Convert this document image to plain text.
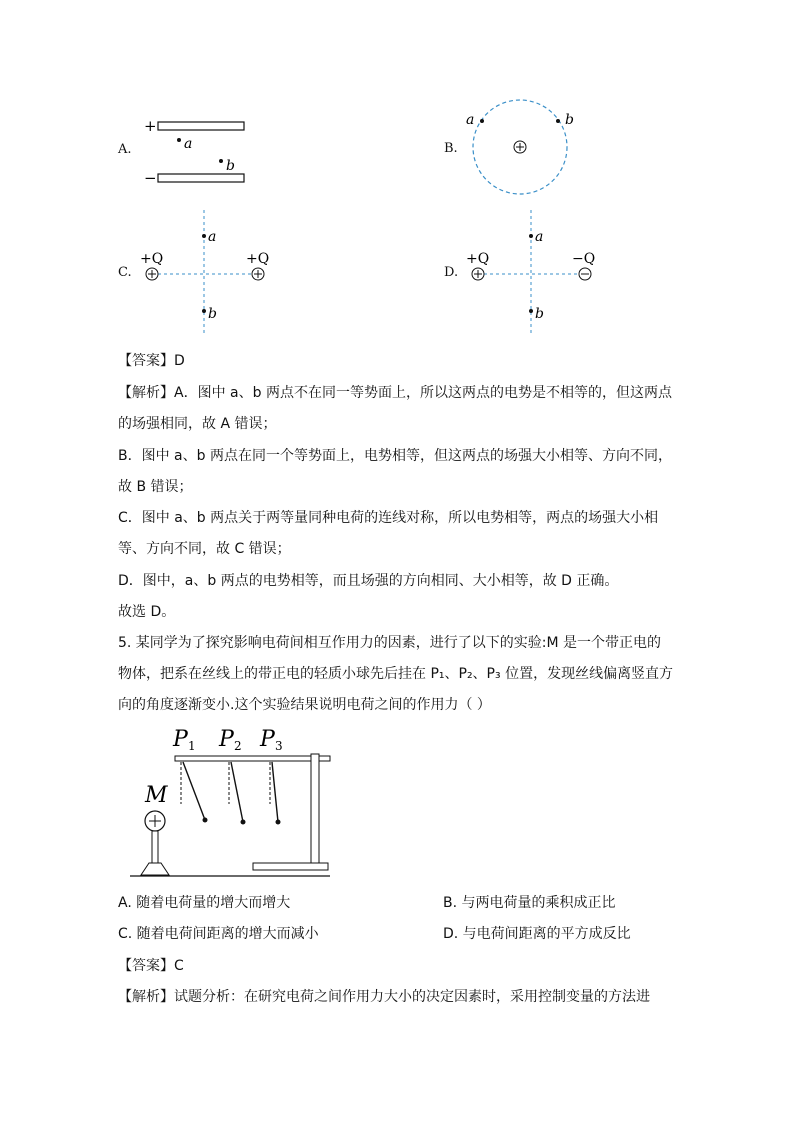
A.
+
−
a
b
B.
a	b
C.
+Q	+Q
a
b
D.
+Q	−Q
a
b
【答案】D
【解析】A．图中 a、b 两点不在同一等势面上，所以这两点的电势是不相等的，但这两点
的场强相同，故 A 错误；
B．图中 a、b 两点在同一个等势面上，电势相等，但这两点的场强大小相等、方向不同，
故 B 错误；
C．图中 a、b 两点关于两等量同种电荷的连线对称，所以电势相等，两点的场强大小相
等、方向不同，故 C 错误；
D．图中，a、b 两点的电势相等，而且场强的方向相同、大小相等，故 D 正确。
故选 D。
5. 某同学为了探究影响电荷间相互作用力的因素，进行了以下的实验:M 是一个带正电的
物体，把系在丝线上的带正电的轻质小球先后挂在 P₁、P₂、P₃ 位置，发现丝线偏离竖直方
向的角度逐渐变小.这个实验结果说明电荷之间的作用力（ ）
P 1 P 2 P 3
M
A. 随着电荷量的增大而增大	B. 与两电荷量的乘积成正比
C. 随着电荷间距离的增大而减小	D. 与电荷间距离的平方成反比
【答案】C
【解析】试题分析：在研究电荷之间作用力大小的决定因素时，采用控制变量的方法进
